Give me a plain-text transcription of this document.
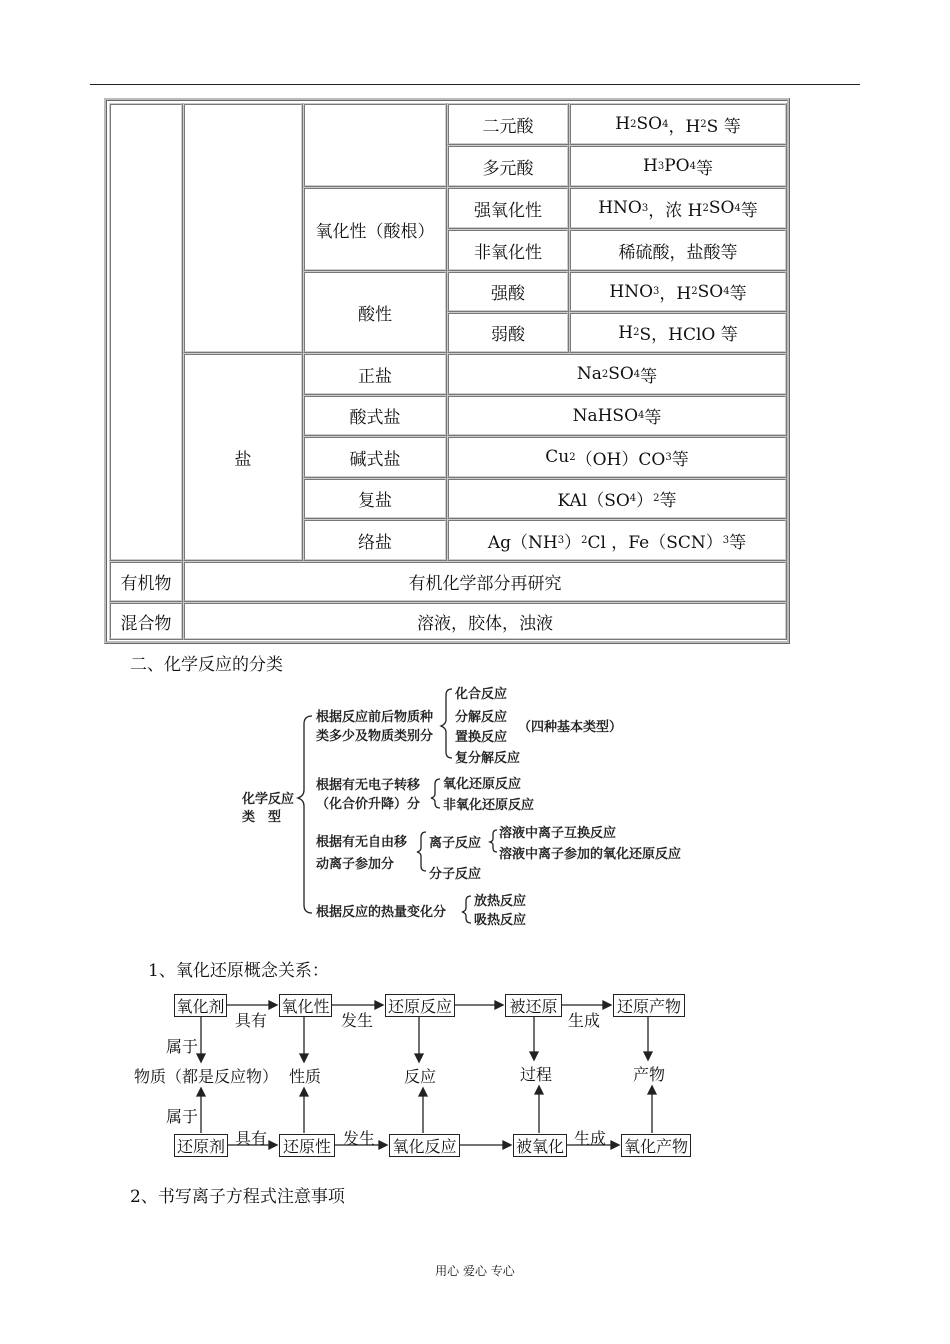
二元酸	H 2 SO 4 ，H 2 S 等
多元酸	H 3 PO 4 等
氧化性（酸根）
强氧化性	HNO 3 ，浓 H 2 SO 4 等
非氧化性	稀硫酸，盐酸等
酸性
强酸	HNO 3 ，H 2 SO 4 等
弱酸	H 2 S，HClO 等
盐
正盐	Na 2 SO 4 等
酸式盐	NaHSO 4 等
碱式盐	Cu 2 （OH）CO 3 等
复盐	KAl（SO 4 ） 2 等
络盐	Ag（NH 3 ） 2 Cl ，Fe（SCN） 3 等
有机物	有机化学部分再研究
混合物	溶液，胶体，浊液
二、化学反应的分类
化学反应
类　型
根据反应前后物质种
类多少及物质类别分
化合反应
分解反应
置换反应
复分解反应
（四种基本类型）
根据有无电子转移
（化合价升降）分
氧化还原反应
非氧化还原反应
根据有无自由移
动离子参加分
离子反应
分子反应
溶液中离子互换反应
溶液中离子参加的氧化还原反应
根据反应的热量变化分
放热反应
吸热反应
1、氧化还原概念关系：
氧化剂	氧化性	还原反应	被还原	还原产物
具有	发生	生成
属于
属于
物质（都是反应物） 性质	反应	过程	产物
还原剂	还原性	氧化反应	被氧化	氧化产物
具有	发生	生成
2、书写离子方程式注意事项
用心 爱心 专心
